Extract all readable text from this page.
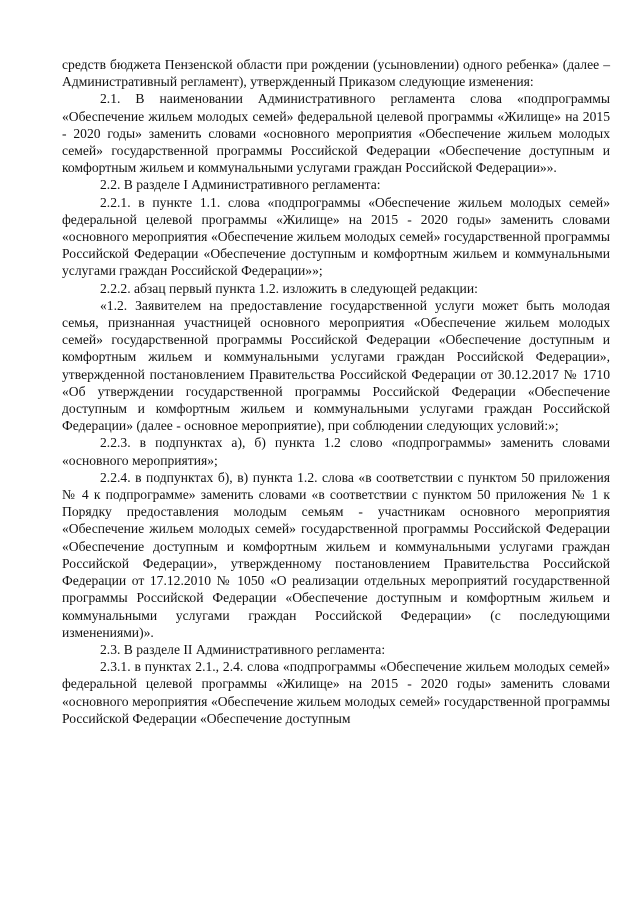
средств бюджета Пензенской области при рождении (усыновлении) одного ребенка» (далее – Административный регламент), утвержденный Приказом следующие изменения:

2.1. В наименовании Административного регламента слова «подпрограммы «Обеспечение жильем молодых семей» федеральной целевой программы «Жилище» на 2015 - 2020 годы» заменить словами «основного мероприятия «Обеспечение жильем молодых семей» государственной программы Российской Федерации «Обеспечение доступным и комфортным жильем и коммунальными услугами граждан Российской Федерации»».

2.2. В разделе I Административного регламента:

2.2.1. в пункте 1.1. слова «подпрограммы «Обеспечение жильем молодых семей» федеральной целевой программы «Жилище» на 2015 - 2020 годы» заменить словами «основного мероприятия «Обеспечение жильем молодых семей» государственной программы Российской Федерации «Обеспечение доступным и комфортным жильем и коммунальными услугами граждан Российской Федерации»»;

2.2.2. абзац первый пункта 1.2. изложить в следующей редакции:

«1.2. Заявителем на предоставление государственной услуги может быть молодая семья, признанная участницей основного мероприятия «Обеспечение жильем молодых семей» государственной программы Российской Федерации «Обеспечение доступным и комфортным жильем и коммунальными услугами граждан Российской Федерации», утвержденной постановлением Правительства Российской Федерации от 30.12.2017 № 1710 «Об утверждении государственной программы Российской Федерации «Обеспечение доступным и комфортным жильем и коммунальными услугами граждан Российской Федерации» (далее - основное мероприятие), при соблюдении следующих условий:»;

2.2.3. в подпунктах а), б) пункта 1.2 слово «подпрограммы» заменить словами «основного мероприятия»;

2.2.4. в подпунктах б), в) пункта 1.2. слова «в соответствии с пунктом 50 приложения № 4 к подпрограмме» заменить словами «в соответствии с пунктом 50 приложения № 1 к Порядку предоставления молодым семьям - участникам основного мероприятия «Обеспечение жильем молодых семей» государственной программы Российской Федерации «Обеспечение доступным и комфортным жильем и коммунальными услугами граждан Российской Федерации», утвержденному постановлением Правительства Российской Федерации от 17.12.2010 № 1050 «О реализации отдельных мероприятий государственной программы Российской Федерации «Обеспечение доступным и комфортным жильем и коммунальными услугами граждан Российской Федерации» (с последующими изменениями)».

2.3. В разделе II Административного регламента:

2.3.1. в пунктах 2.1., 2.4. слова «подпрограммы «Обеспечение жильем молодых семей» федеральной целевой программы «Жилище» на 2015 - 2020 годы» заменить словами «основного мероприятия «Обеспечение жильем молодых семей» государственной программы Российской Федерации «Обеспечение доступным
